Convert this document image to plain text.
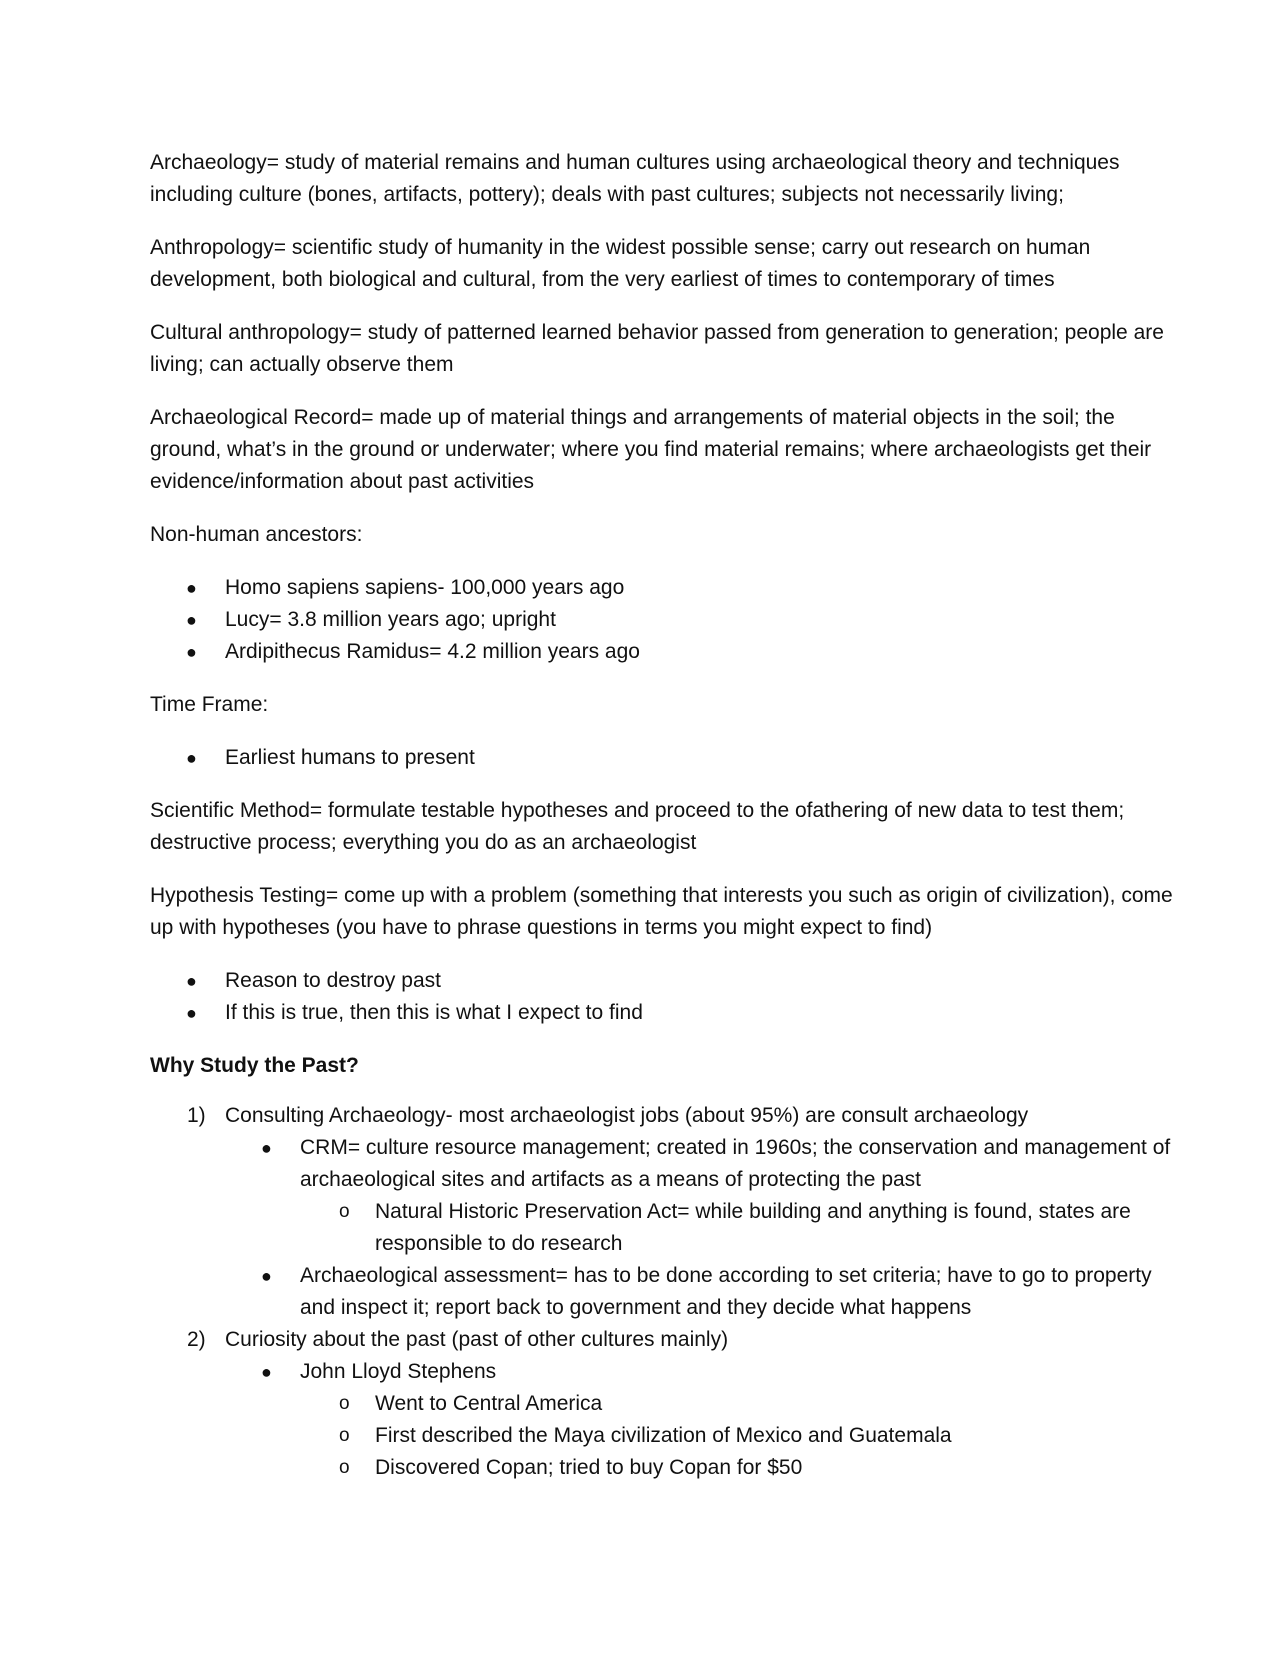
Archaeology= study of material remains and human cultures using archaeological theory and techniques including culture (bones, artifacts, pottery); deals with past cultures; subjects not necessarily living;

Anthropology= scientific study of humanity in the widest possible sense; carry out research on human development, both biological and cultural, from the very earliest of times to contemporary of times

Cultural anthropology= study of patterned learned behavior passed from generation to generation; people are living; can actually observe them

Archaeological Record= made up of material things and arrangements of material objects in the soil; the ground, what’s in the ground or underwater; where you find material remains; where archaeologists get their evidence/information about past activities

Non-human ancestors:

●	Homo sapiens sapiens- 100,000 years ago
●	Lucy= 3.8 million years ago; upright
●	Ardipithecus Ramidus= 4.2 million years ago

Time Frame:

●	Earliest humans to present

Scientific Method= formulate testable hypotheses and proceed to the ofathering of new data to test them; destructive process; everything you do as an archaeologist

Hypothesis Testing= come up with a problem (something that interests you such as origin of civilization), come up with hypotheses (you have to phrase questions in terms you might expect to find)

●	Reason to destroy past
●	If this is true, then this is what I expect to find
Why Study the Past?
1) Consulting Archaeology- most archaeologist jobs (about 95%) are consult archaeology
● CRM= culture resource management; created in 1960s; the conservation and management of archaeological sites and artifacts as a means of protecting the past
o Natural Historic Preservation Act= while building and anything is found, states are responsible to do research
● Archaeological assessment= has to be done according to set criteria; have to go to property and inspect it; report back to government and they decide what happens
2) Curiosity about the past (past of other cultures mainly)
● John Lloyd Stephens
o Went to Central America
o First described the Maya civilization of Mexico and Guatemala
o Discovered Copan; tried to buy Copan for $50
